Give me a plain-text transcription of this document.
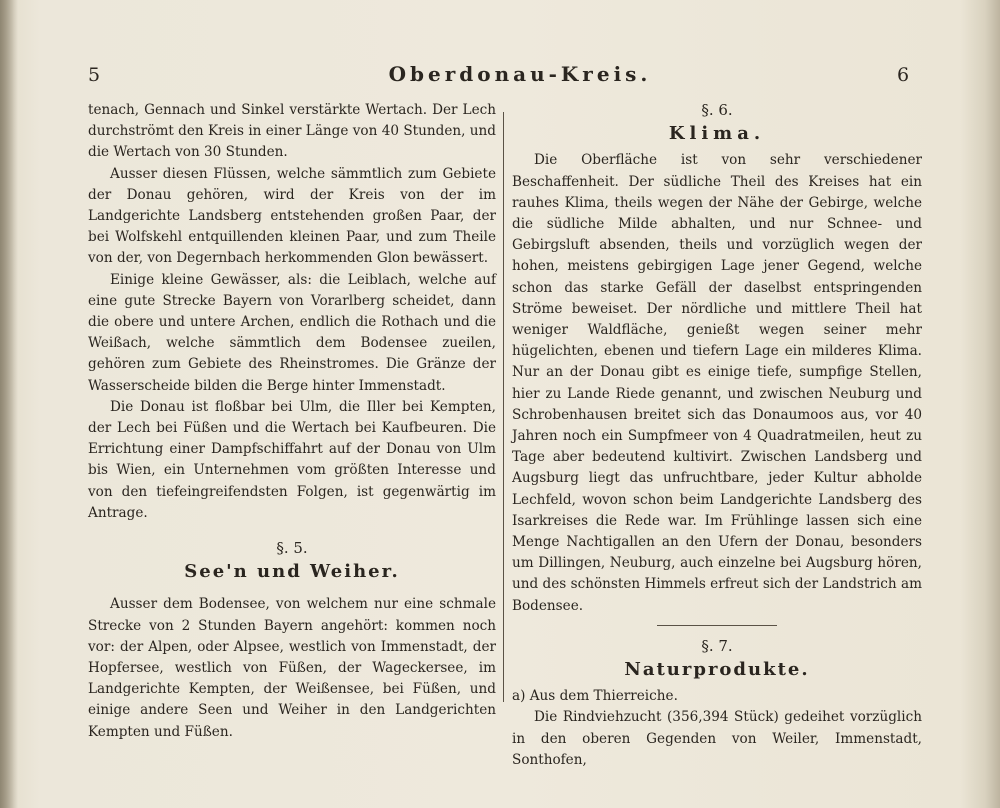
5	Oberdonau-Kreis.	6

tenach, Gennach und Sinkel verstärkte Wertach. Der Lech durchströmt den Kreis in einer Länge von 40 Stunden, und die Wertach von 30 Stunden.

Ausser diesen Flüssen, welche sämmtlich zum Gebiete der Donau gehören, wird der Kreis von der im Landgerichte Landsberg entstehenden großen Paar, der bei Wolfskehl entquillenden kleinen Paar, und zum Theile von der, von Degernbach herkommenden Glon bewässert.

Einige kleine Gewässer, als: die Leiblach, welche auf eine gute Strecke Bayern von Vorarlberg scheidet, dann die obere und untere Archen, endlich die Rothach und die Weißach, welche sämmtlich dem Bodensee zueilen, gehören zum Gebiete des Rheinstromes. Die Gränze der Wasserscheide bilden die Berge hinter Immenstadt.

Die Donau ist floßbar bei Ulm, die Iller bei Kempten, der Lech bei Füßen und die Wertach bei Kaufbeuren. Die Errichtung einer Dampfschiffahrt auf der Donau von Ulm bis Wien, ein Unternehmen vom größten Interesse und von den tiefeingreifendsten Folgen, ist gegenwärtig im Antrage.

§. 5.
See'n und Weiher.

Ausser dem Bodensee, von welchem nur eine schmale Strecke von 2 Stunden Bayern angehört: kommen noch vor: der Alpen, oder Alpsee, westlich von Immenstadt, der Hopfersee, westlich von Füßen, der Wageckersee, im Landgerichte Kempten, der Weißensee, bei Füßen, und einige andere Seen und Weiher in den Landgerichten Kempten und Füßen.

§. 6.
Klima.

Die Oberfläche ist von sehr verschiedener Beschaffenheit. Der südliche Theil des Kreises hat ein rauhes Klima, theils wegen der Nähe der Gebirge, welche die südliche Milde abhalten, und nur Schnee- und Gebirgsluft absenden, theils und vorzüglich wegen der hohen, meistens gebirgigen Lage jener Gegend, welche schon das starke Gefäll der daselbst entspringenden Ströme beweiset. Der nördliche und mittlere Theil hat weniger Waldfläche, genießt wegen seiner mehr hügelichten, ebenen und tiefern Lage ein milderes Klima. Nur an der Donau gibt es einige tiefe, sumpfige Stellen, hier zu Lande Riede genannt, und zwischen Neuburg und Schrobenhausen breitet sich das Donaumoos aus, vor 40 Jahren noch ein Sumpfmeer von 4 Quadratmeilen, heut zu Tage aber bedeutend kultivirt. Zwischen Landsberg und Augsburg liegt das unfruchtbare, jeder Kultur abholde Lechfeld, wovon schon beim Landgerichte Landsberg des Isarkreises die Rede war. Im Frühlinge lassen sich eine Menge Nachtigallen an den Ufern der Donau, besonders um Dillingen, Neuburg, auch einzelne bei Augsburg hören, und des schönsten Himmels erfreut sich der Landstrich am Bodensee.

§. 7.
Naturprodukte.

a) Aus dem Thierreiche.

Die Rindviehzucht (356,394 Stück) gedeihet vorzüglich in den oberen Gegenden von Weiler, Immenstadt, Sonthofen,
